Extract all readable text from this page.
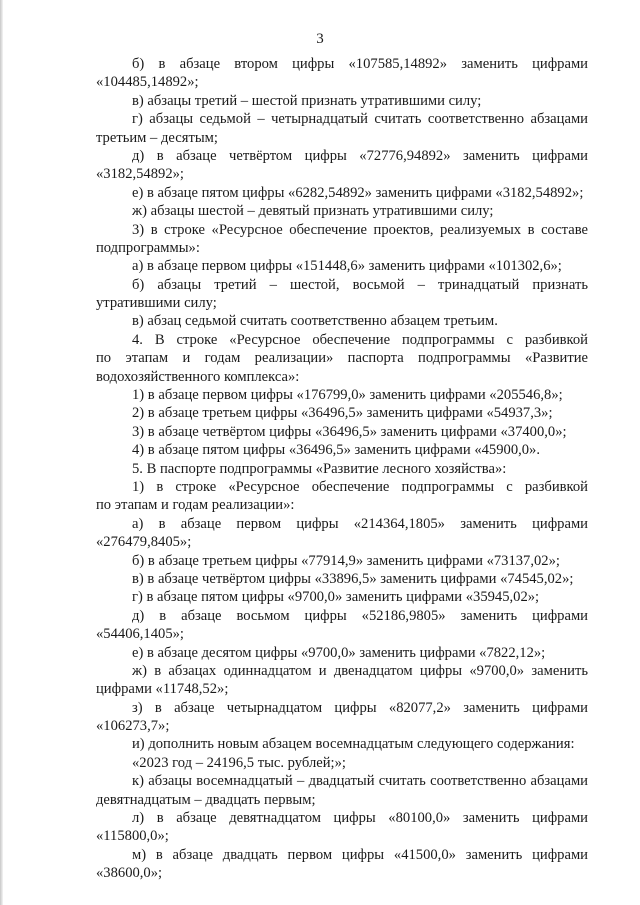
3
б) в абзаце втором цифры «107585,14892» заменить цифрами
«104485,14892»;
в) абзацы третий – шестой признать утратившими силу;
г) абзацы седьмой – четырнадцатый считать соответственно абзацами
третьим – десятым;
д) в абзаце четвёртом цифры «72776,94892» заменить цифрами
«3182,54892»;
е) в абзаце пятом цифры «6282,54892» заменить цифрами «3182,54892»;
ж) абзацы шестой – девятый признать утратившими силу;
3) в строке «Ресурсное обеспечение проектов, реализуемых в составе
подпрограммы»:
а) в абзаце первом цифры «151448,6» заменить цифрами «101302,6»;
б) абзацы третий – шестой, восьмой – тринадцатый признать
утратившими силу;
в) абзац седьмой считать соответственно абзацем третьим.
4. В строке «Ресурсное обеспечение подпрограммы с разбивкой
по этапам и годам реализации» паспорта подпрограммы «Развитие
водохозяйственного комплекса»:
1) в абзаце первом цифры «176799,0» заменить цифрами «205546,8»;
2) в абзаце третьем цифры «36496,5» заменить цифрами «54937,3»;
3) в абзаце четвёртом цифры «36496,5» заменить цифрами «37400,0»;
4) в абзаце пятом цифры «36496,5» заменить цифрами «45900,0».
5. В паспорте подпрограммы «Развитие лесного хозяйства»:
1) в строке «Ресурсное обеспечение подпрограммы с разбивкой
по этапам и годам реализации»:
а) в абзаце первом цифры «214364,1805» заменить цифрами
«276479,8405»;
б) в абзаце третьем цифры «77914,9» заменить цифрами «73137,02»;
в) в абзаце четвёртом цифры «33896,5» заменить цифрами «74545,02»;
г) в абзаце пятом цифры «9700,0» заменить цифрами «35945,02»;
д) в абзаце восьмом цифры «52186,9805» заменить цифрами
«54406,1405»;
е) в абзаце десятом цифры «9700,0» заменить цифрами «7822,12»;
ж) в абзацах одиннадцатом и двенадцатом цифры «9700,0» заменить
цифрами «11748,52»;
з) в абзаце четырнадцатом цифры «82077,2» заменить цифрами
«106273,7»;
и) дополнить новым абзацем восемнадцатым следующего содержания:
«2023 год – 24196,5 тыс. рублей;»;
к) абзацы восемнадцатый – двадцатый считать соответственно абзацами
девятнадцатым – двадцать первым;
л) в абзаце девятнадцатом цифры «80100,0» заменить цифрами
«115800,0»;
м) в абзаце двадцать первом цифры «41500,0» заменить цифрами
«38600,0»;
